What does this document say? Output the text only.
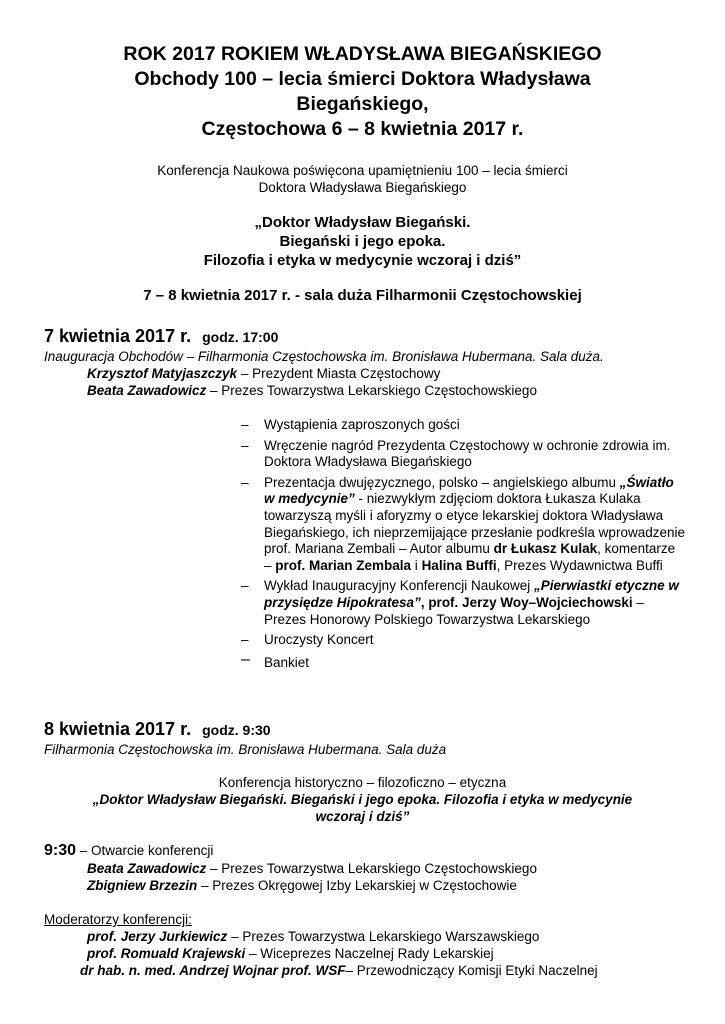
ROK 2017 ROKIEM WŁADYSŁAWA BIEGAŃSKIEGO

Obchody 100 – lecia śmierci Doktora Władysława

Biegańskiego,

Częstochowa 6 – 8 kwietnia 2017 r.

Konferencja Naukowa poświęcona upamiętnieniu 100 – lecia śmierci
Doktora Władysława Biegańskiego
„Doktor Władysław Biegański.
Biegański i jego epoka.
Filozofia i etyka w medycynie wczoraj i dziś”
7 – 8 kwietnia 2017 r. - sala duża Filharmonii Częstochowskiej
7 kwietnia 2017 r. godz. 17:00
Inauguracja Obchodów – Filharmonia Częstochowska im. Bronisława Hubermana. Sala duża.
Krzysztof Matyjaszczyk – Prezydent Miasta Częstochowy
Beata Zawadowicz – Prezes Towarzystwa Lekarskiego Częstochowskiego
– Wystąpienia zaproszonych gości
– Wręczenie nagród Prezydenta Częstochowy w ochronie zdrowia im. Doktora Władysława Biegańskiego
– Prezentacja dwujęzycznego, polsko – angielskiego albumu „Światło w medycynie” - niezwykłym zdjęciom doktora Łukasza Kulaka towarzyszą myśli i aforyzmy o etyce lekarskiej doktora Władysława Biegańskiego, ich nieprzemijające przesłanie podkreśla wprowadzenie prof. Mariana Zembali – Autor albumu dr Łukasz Kulak, komentarze – prof. Marian Zembala i Halina Buffi, Prezes Wydawnictwa Buffi
– Wykład Inauguracyjny Konferencji Naukowej „Pierwiastki etyczne w przysiędze Hipokratesa”, prof. Jerzy Woy–Wojciechowski – Prezes Honorowy Polskiego Towarzystwa Lekarskiego
– Uroczysty Koncert
– Bankiet
8 kwietnia 2017 r. godz. 9:30
Filharmonia Częstochowska im. Bronisława Hubermana. Sala duża
Konferencja historyczno – filozoficzno – etyczna
„Doktor Władysław Biegański. Biegański i jego epoka. Filozofia i etyka w medycynie
wczoraj i dziś”
9:30 – Otwarcie konferencji
Beata Zawadowicz – Prezes Towarzystwa Lekarskiego Częstochowskiego
Zbigniew Brzezin – Prezes Okręgowej Izby Lekarskiej w Częstochowie
Moderatorzy konferencji:
prof. Jerzy Jurkiewicz – Prezes Towarzystwa Lekarskiego Warszawskiego
prof. Romuald Krajewski – Wiceprezes Naczelnej Rady Lekarskiej
dr hab. n. med. Andrzej Wojnar prof. WSF– Przewodniczący Komisji Etyki Naczelnej
